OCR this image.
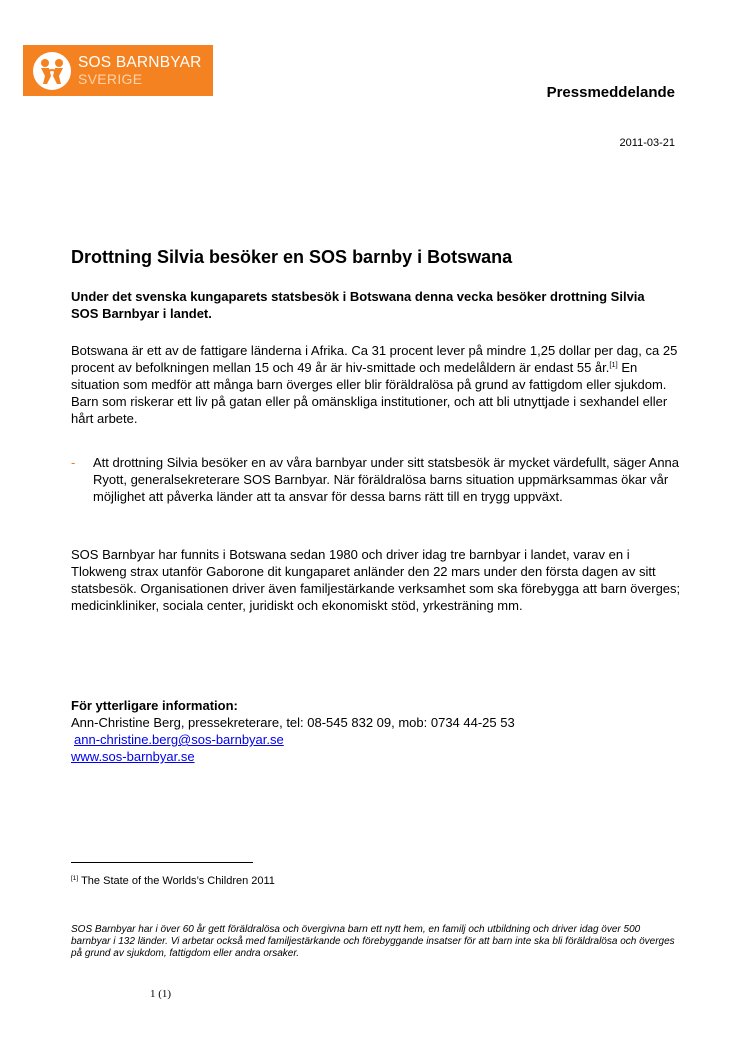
SOS BARNBYAR
SVERIGE
Pressmeddelande
2011-03-21
Drottning Silvia besöker en SOS barnby i Botswana

Under det svenska kungaparets statsbesök i Botswana denna vecka besöker drottning Silvia SOS Barnbyar i landet.

Botswana är ett av de fattigare länderna i Afrika. Ca 31 procent lever på mindre 1,25 dollar per dag, ca 25 procent av befolkningen mellan 15 och 49 år är hiv-smittade och medelåldern är endast 55 år.[1] En situation som medför att många barn överges eller blir föräldralösa på grund av fattigdom eller sjukdom. Barn som riskerar ett liv på gatan eller på omänskliga institutioner, och att bli utnyttjade i sexhandel eller hårt arbete.

- Att drottning Silvia besöker en av våra barnbyar under sitt statsbesök är mycket värdefullt, säger Anna Ryott, generalsekreterare SOS Barnbyar. När föräldralösa barns situation uppmärksammas ökar vår möjlighet att påverka länder att ta ansvar för dessa barns rätt till en trygg uppväxt.

SOS Barnbyar har funnits i Botswana sedan 1980 och driver idag tre barnbyar i landet, varav en i Tlokweng strax utanför Gaborone dit kungaparet anländer den 22 mars under den första dagen av sitt statsbesök. Organisationen driver även familjestärkande verksamhet som ska förebygga att barn överges; medicinkliniker, sociala center, juridiskt och ekonomiskt stöd, yrkesträning mm.

För ytterligare information:
Ann-Christine Berg, pressekreterare, tel: 08-545 832 09, mob: 0734 44-25 53
ann-christine.berg@sos-barnbyar.se
www.sos-barnbyar.se
[1] The State of the Worlds’s Children 2011

SOS Barnbyar har i över 60 år gett föräldralösa och övergivna barn ett nytt hem, en familj och utbildning och driver idag över 500 barnbyar i 132 länder. Vi arbetar också med familjestärkande och förebyggande insatser för att barn inte ska bli föräldralösa och överges på grund av sjukdom, fattigdom eller andra orsaker.

1 (1)
